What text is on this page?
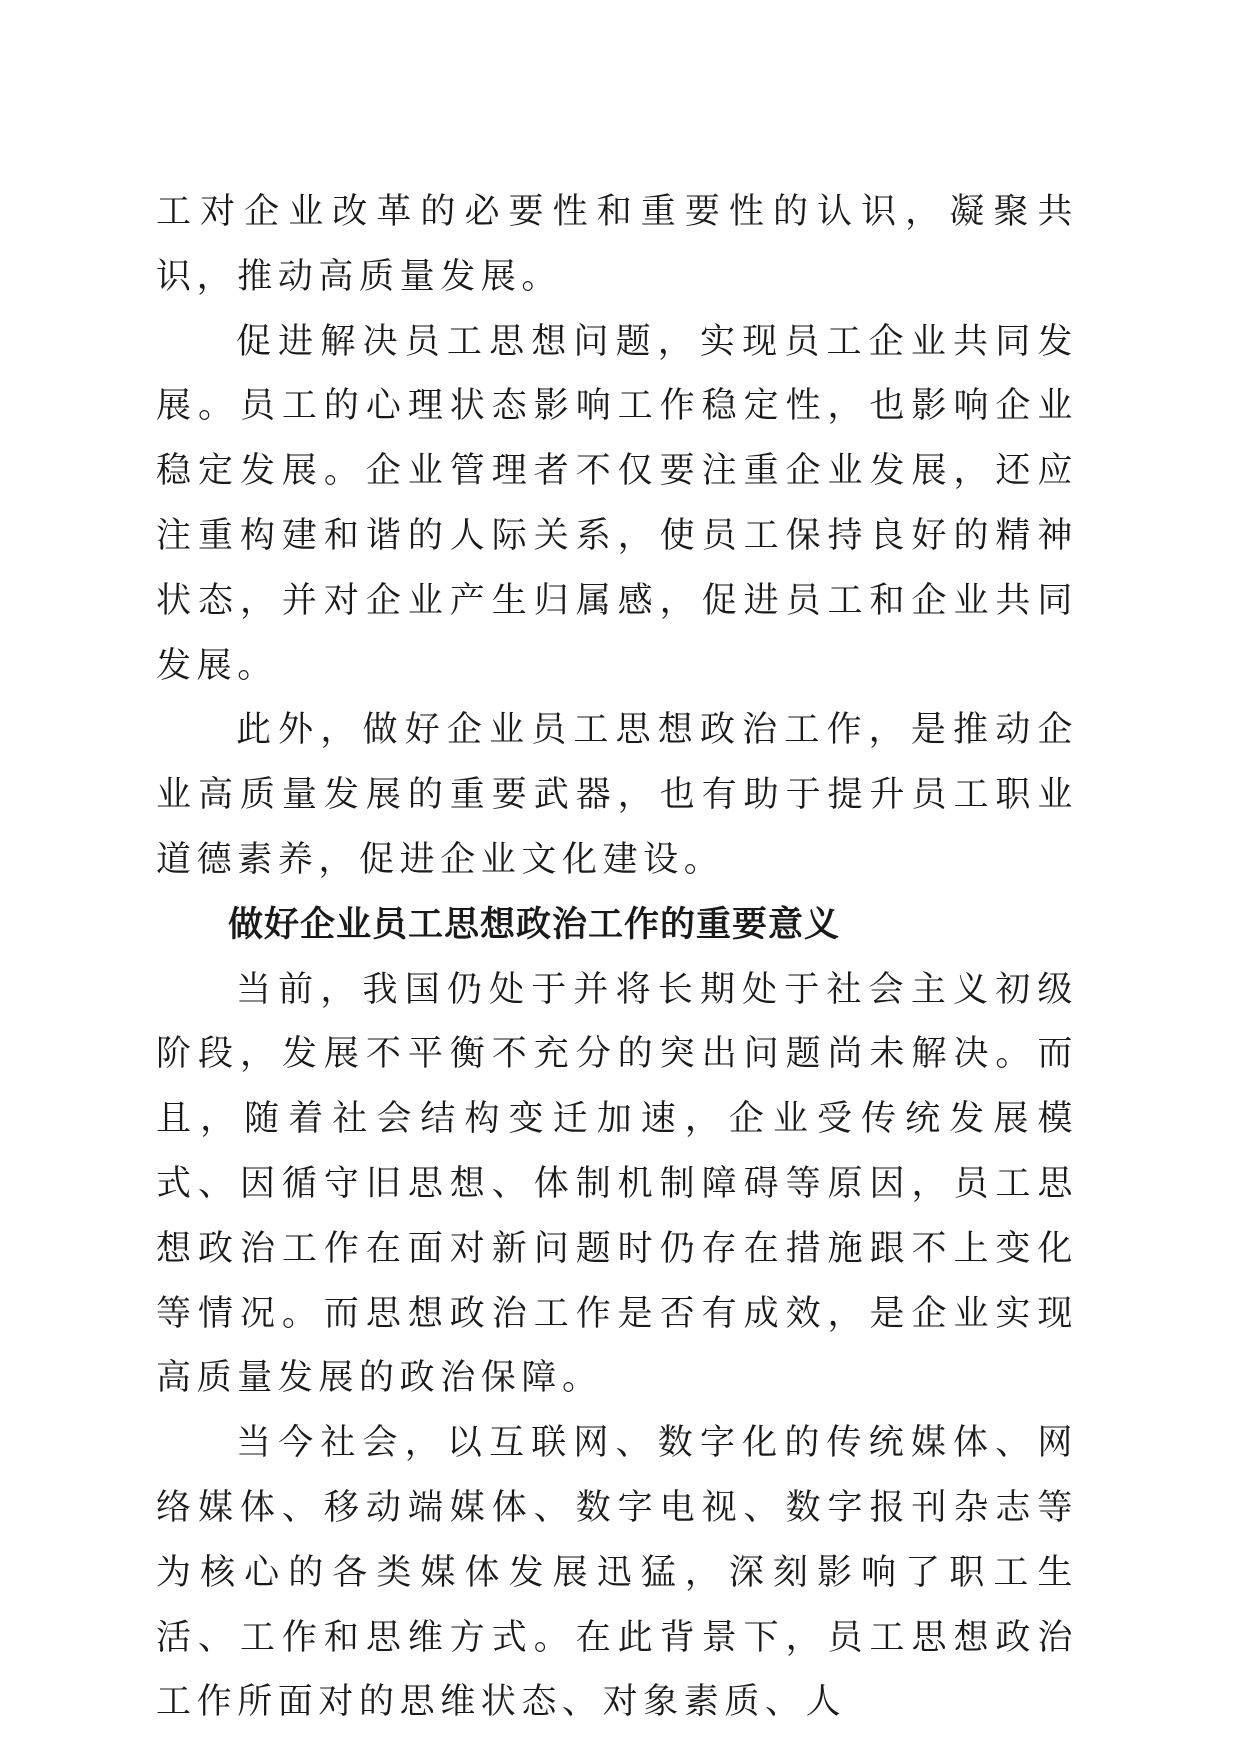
工对企业改革的必要性和重要性的认识，凝聚共识，推动高质量发展。

促进解决员工思想问题，实现员工企业共同发展。员工的心理状态影响工作稳定性，也影响企业稳定发展。企业管理者不仅要注重企业发展，还应注重构建和谐的人际关系，使员工保持良好的精神状态，并对企业产生归属感，促进员工和企业共同发展。

此外，做好企业员工思想政治工作，是推动企业高质量发展的重要武器，也有助于提升员工职业道德素养，促进企业文化建设。

做好企业员工思想政治工作的重要意义

当前，我国仍处于并将长期处于社会主义初级阶段，发展不平衡不充分的突出问题尚未解决。而且，随着社会结构变迁加速，企业受传统发展模式、因循守旧思想、体制机制障碍等原因，员工思想政治工作在面对新问题时仍存在措施跟不上变化等情况。而思想政治工作是否有成效，是企业实现高质量发展的政治保障。

当今社会，以互联网、数字化的传统媒体、网络媒体、移动端媒体、数字电视、数字报刊杂志等为核心的各类媒体发展迅猛，深刻影响了职工生活、工作和思维方式。在此背景下，员工思想政治工作所面对的思维状态、对象素质、人
